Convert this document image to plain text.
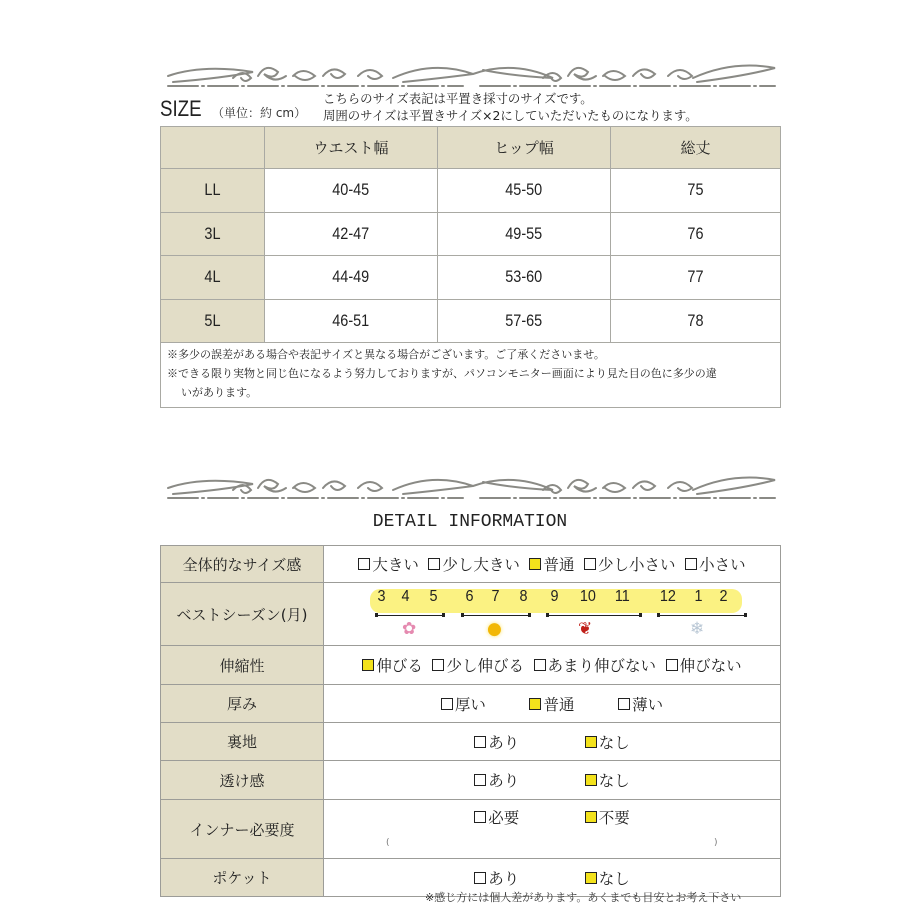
SIZE （単位：約 cm）
こちらのサイズ表記は平置き採寸のサイズです。
周囲のサイズは平置きサイズ×2にしていただいたものになります。
	ウエスト幅	ヒップ幅	総丈
LL	40-45	45-50	75
3L	42-47	49-55	76
4L	44-49	53-60	77
5L	46-51	57-65	78

※多少の誤差がある場合や表記サイズと異なる場合がございます。ご了承くださいませ。
※できる限り実物と同じ色になるよう努力しておりますが、パソコンモニター画面により見た目の色に多少の違
いがあります。			
DETAIL INFORMATION
全体的なサイズ感	大きい
少し大きい
普通
少し小さい
小さい

ベストシーズン(月)	
3 4 5 6 7 8 9 10 11 12 1 2
✿	●	❦	❄

伸縮性	伸びる
少し伸びる
あまり伸びない
伸びない

厚み	厚い
普通
薄い

裏地	あり
なし

透け感	あり
なし

インナー必要度	必要
不要
( )

ポケット	あり
なし
※感じ方には個人差があります。あくまでも目安とお考え下さい
